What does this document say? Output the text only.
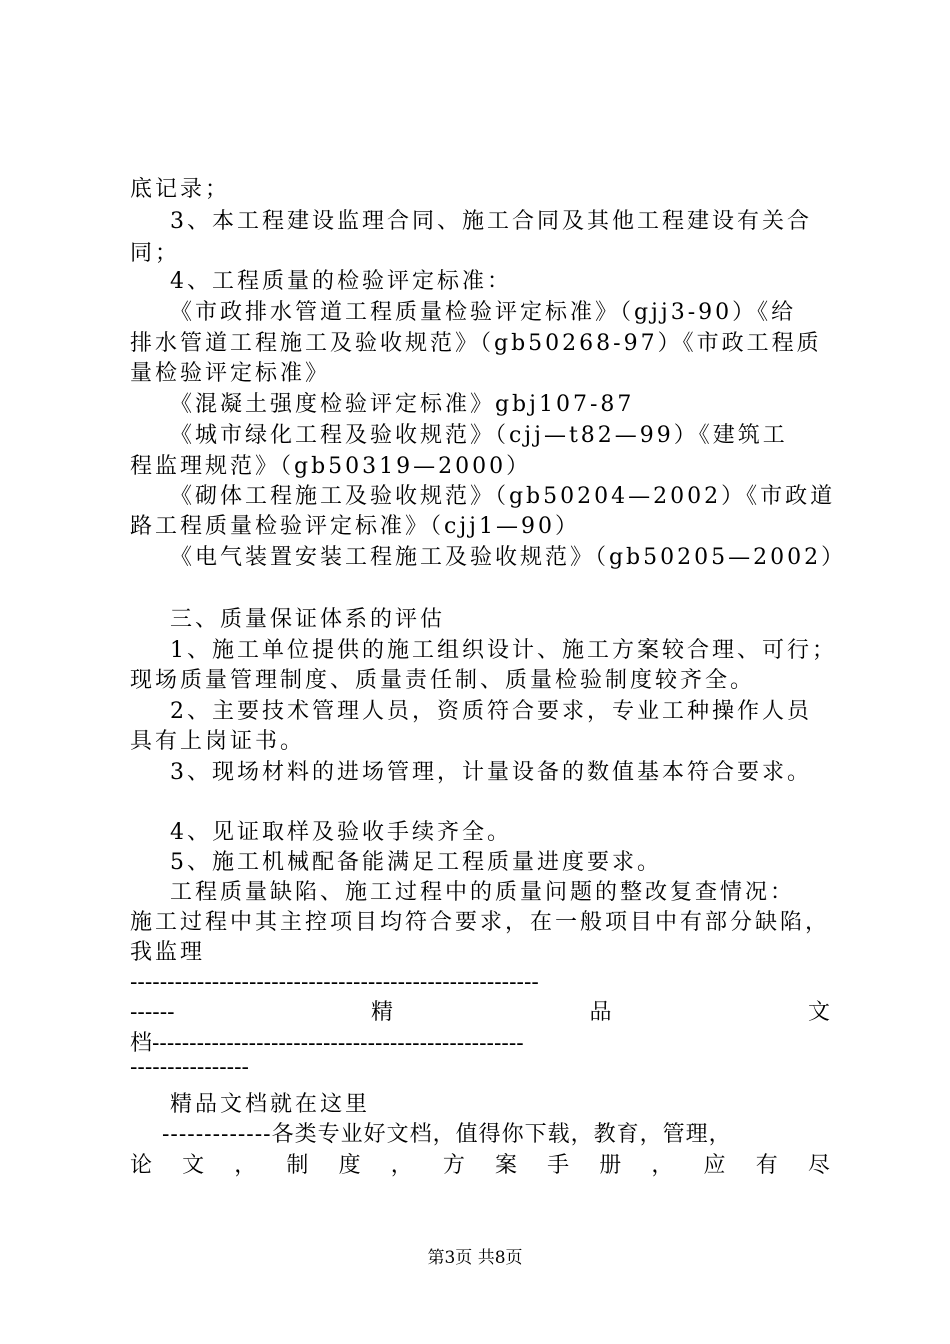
底记录；
3、本工程建设监理合同、施工合同及其他工程建设有关合
同；
4、工程质量的检验评定标准：
《市政排水管道工程质量检验评定标准》（gjj3-90）《给
排水管道工程施工及验收规范》（gb50268-97）《市政工程质
量检验评定标准》
《混凝土强度检验评定标准》gbj107-87
《城市绿化工程及验收规范》（cjj—t82—99）《建筑工
程监理规范》（gb50319—2000）
《砌体工程施工及验收规范》（gb50204—2002）《市政道
路工程质量检验评定标准》（cjj1—90）
《电气装置安装工程施工及验收规范》（gb50205—2002）
三、质量保证体系的评估
1、施工单位提供的施工组织设计、施工方案较合理、可行；
现场质量管理制度、质量责任制、质量检验制度较齐全。
2、主要技术管理人员，资质符合要求，专业工种操作人员
具有上岗证书。
3、现场材料的进场管理，计量设备的数值基本符合要求。
4、见证取样及验收手续齐全。
5、施工机械配备能满足工程质量进度要求。
工程质量缺陷、施工过程中的质量问题的整改复查情况：
施工过程中其主控项目均符合要求，在一般项目中有部分缺陷，
我监理
-------------------------------------------------------
------	精	品	文
档--------------------------------------------------
----------------
精品文档就在这里
-------------各类专业好文档，值得你下载，教育，管理，
论 文 ， 制 度 ， 方 案 手 册 ， 应 有 尽
第3页 共8页
